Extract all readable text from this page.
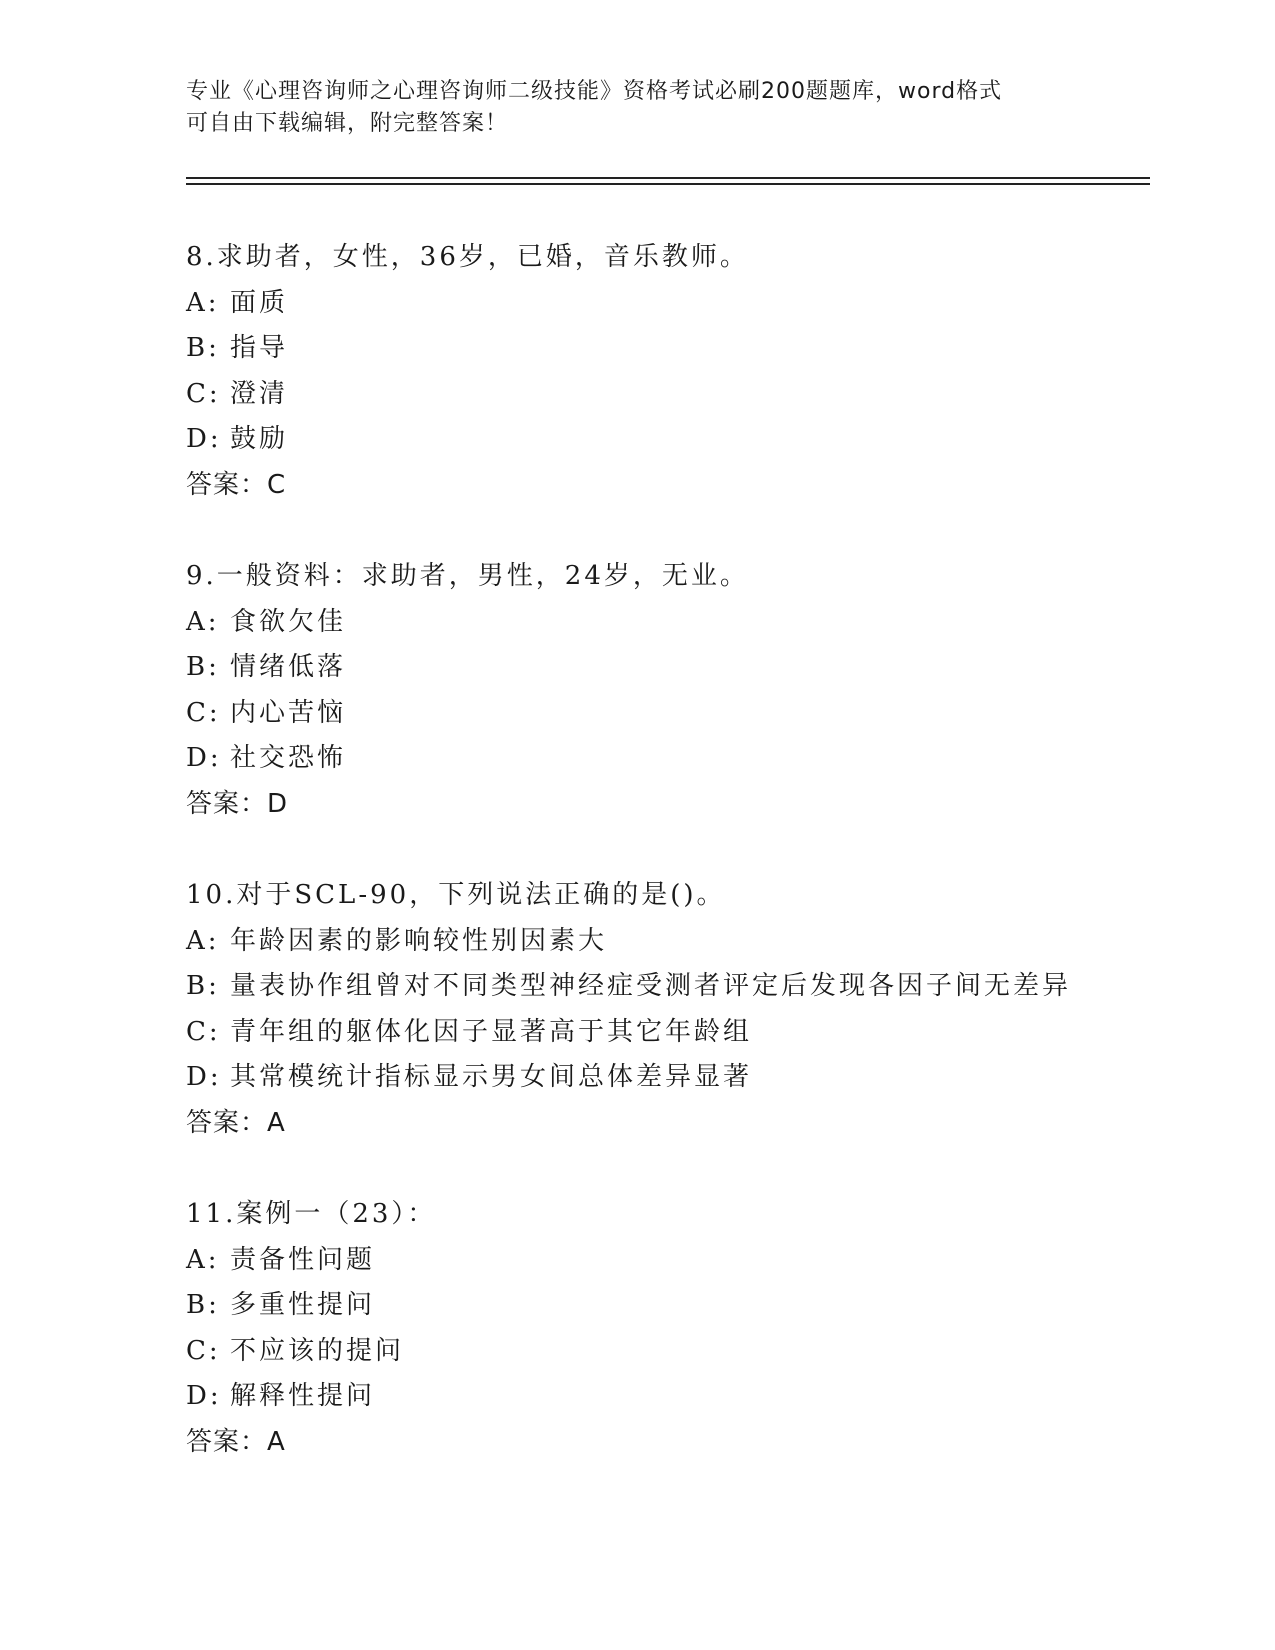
专业《心理咨询师之心理咨询师二级技能》资格考试必刷200题题库，word格式

可自由下载编辑，附完整答案！

8.求助者，女性，36岁，已婚，音乐教师。
A: 面质
B: 指导
C: 澄清
D: 鼓励
答案：C
9.一般资料：求助者，男性，24岁，无业。
A: 食欲欠佳
B: 情绪低落
C: 内心苦恼
D: 社交恐怖
答案：D
10.对于SCL-90，下列说法正确的是()。
A: 年龄因素的影响较性别因素大
B: 量表协作组曾对不同类型神经症受测者评定后发现各因子间无差异
C: 青年组的躯体化因子显著高于其它年龄组
D: 其常模统计指标显示男女间总体差异显著
答案：A
11.案例一（23）：
A: 责备性问题
B: 多重性提问
C: 不应该的提问
D: 解释性提问
答案：A
